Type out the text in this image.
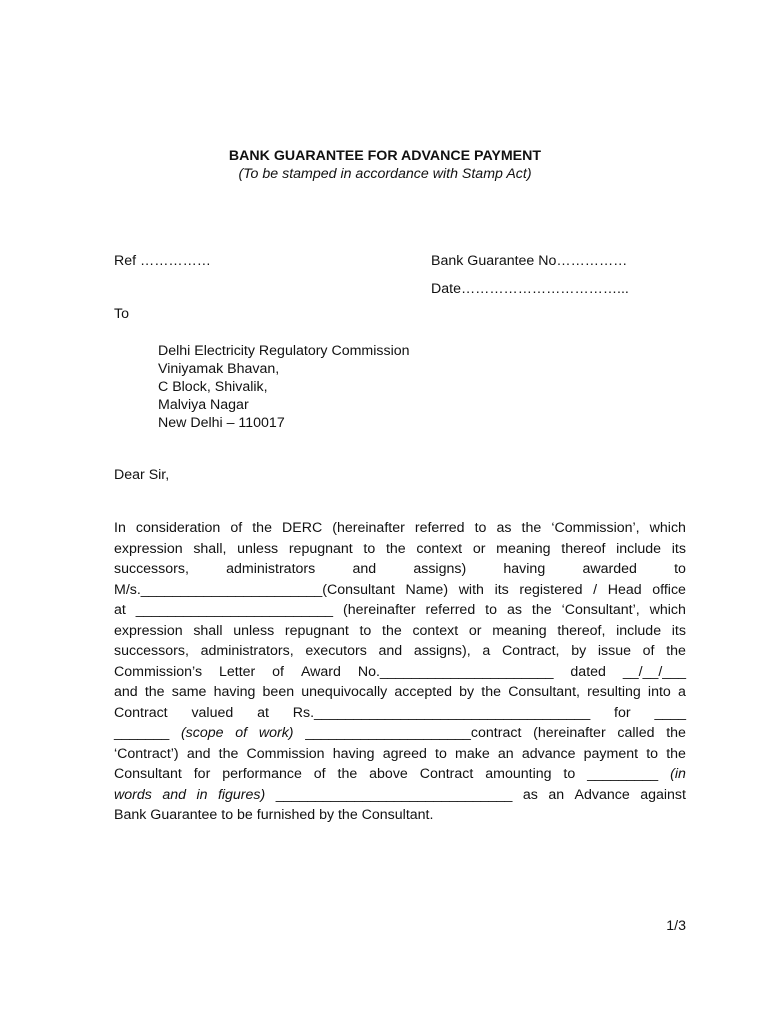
BANK GUARANTEE FOR ADVANCE PAYMENT
(To be stamped in accordance with Stamp Act)
Ref ……………	Bank Guarantee No……………
Date……………………………...
To
Delhi Electricity Regulatory Commission
Viniyamak Bhavan,
C Block, Shivalik,
Malviya Nagar
New Delhi – 110017
Dear Sir,
In consideration of the DERC (hereinafter referred to as the ‘Commission’, which
expression shall, unless repugnant to the context or meaning thereof include its
successors,	administrators	and	assigns)	having	awarded	to
M/s._______________________(Consultant Name) with its registered / Head office
at _________________________ (hereinafter referred to as the ‘Consultant’, which
expression shall unless repugnant to the context or meaning thereof, include its
successors, administrators, executors and assigns), a Contract, by issue of the
Commission’s Letter of Award No.______________________ dated __/__/___
and the same having been unequivocally accepted by the Consultant, resulting into a
Contract valued at Rs.___________________________________ for ____
_______ (scope of work) _____________________contract (hereinafter called the
‘Contract’) and the Commission having agreed to make an advance payment to the
Consultant for performance of the above Contract amounting to _________ (in
words and in figures) ______________________________ as an Advance against
Bank Guarantee to be furnished by the Consultant.
1/3
